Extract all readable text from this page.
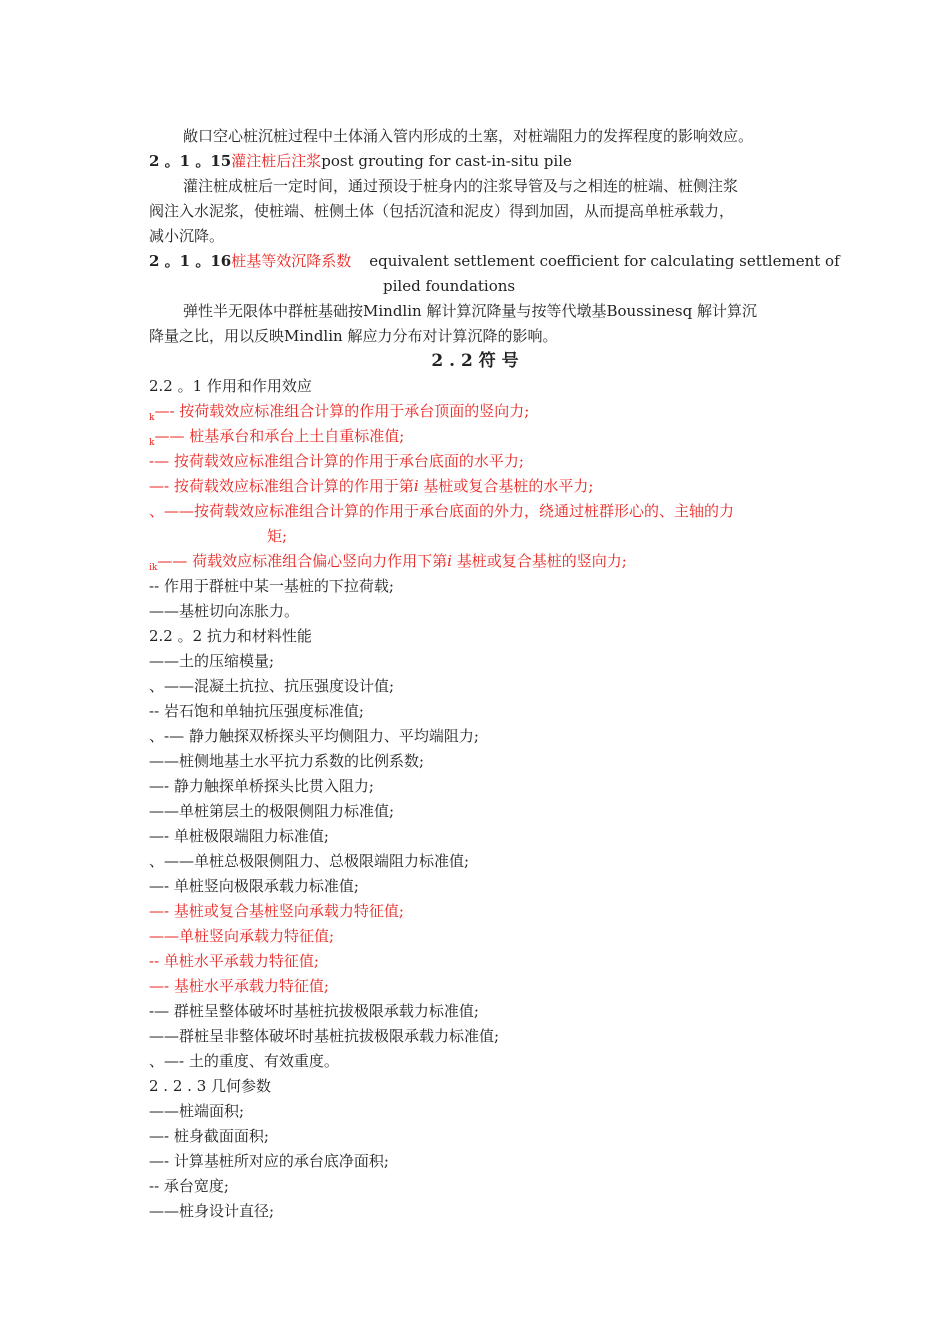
敞口空心桩沉桩过程中土体涌入管内形成的土塞，对桩端阻力的发挥程度的影响效应。
2 。1 。15灌注桩后注浆post grouting for cast-in-situ pile
灌注桩成桩后一定时间，通过预设于桩身内的注浆导管及与之相连的桩端、桩侧注浆
阀注入水泥浆，使桩端、桩侧土体（包括沉渣和泥皮）得到加固，从而提高单桩承载力，
减小沉降。
2 。1 。16桩基等效沉降系数 equivalent settlement coefficient for calculating settlement of
piled foundations
弹性半无限体中群桩基础按Mindlin 解计算沉降量与按等代墩基Boussinesq 解计算沉
降量之比，用以反映Mindlin 解应力分布对计算沉降的影响。
2 . 2 符 号
2.2 。1 作用和作用效应
$_k$—- 按荷载效应标准组合计算的作用于承台顶面的竖向力;
$_k$—— 桩基承台和承台上土自重标准值;
-— 按荷载效应标准组合计算的作用于承台底面的水平力;
—- 按荷载效应标准组合计算的作用于第i 基桩或复合基桩的水平力;
、——按荷载效应标准组合计算的作用于承台底面的外力，绕通过桩群形心的、主轴的力
矩;
$_{ik}$—— 荷载效应标准组合偏心竖向力作用下第i 基桩或复合基桩的竖向力;
-- 作用于群桩中某一基桩的下拉荷载;
——基桩切向冻胀力。
2.2 。2 抗力和材料性能
——土的压缩模量;
、——混凝土抗拉、抗压强度设计值;
-- 岩石饱和单轴抗压强度标准值;
、-— 静力触探双桥探头平均侧阻力、平均端阻力;
——桩侧地基土水平抗力系数的比例系数;
—- 静力触探单桥探头比贯入阻力;
——单桩第层土的极限侧阻力标准值;
—- 单桩极限端阻力标准值;
、——单桩总极限侧阻力、总极限端阻力标准值;
—- 单桩竖向极限承载力标准值;
—- 基桩或复合基桩竖向承载力特征值;
——单桩竖向承载力特征值;
-- 单桩水平承载力特征值;
—- 基桩水平承载力特征值;
-— 群桩呈整体破坏时基桩抗拔极限承载力标准值;
——群桩呈非整体破坏时基桩抗拔极限承载力标准值;
、—- 土的重度、有效重度。
2 . 2 . 3 几何参数
——桩端面积;
—- 桩身截面面积;
—- 计算基桩所对应的承台底净面积;
-- 承台宽度;
——桩身设计直径;
